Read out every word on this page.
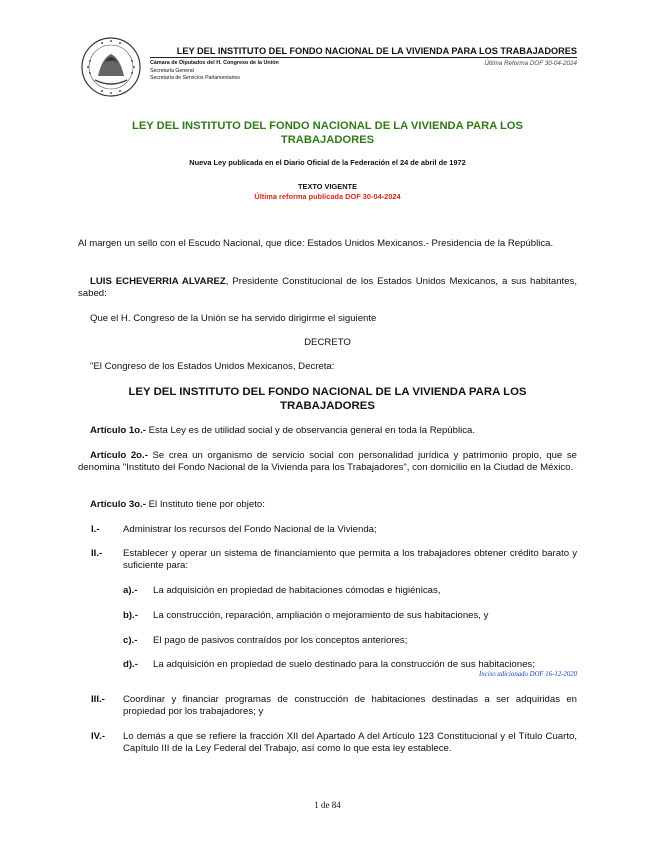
LEY DEL INSTITUTO DEL FONDO NACIONAL DE LA VIVIENDA PARA LOS TRABAJADORES
Cámara de Diputados del H. Congreso de la Unión
Secretaría General
Secretaría de Servicios Parlamentarios
Última Reforma DOF 30-04-2024
LEY DEL INSTITUTO DEL FONDO NACIONAL DE LA VIVIENDA PARA LOS TRABAJADORES
Nueva Ley publicada en el Diario Oficial de la Federación el 24 de abril de 1972
TEXTO VIGENTE
Última reforma publicada DOF 30-04-2024
Al margen un sello con el Escudo Nacional, que dice: Estados Unidos Mexicanos.- Presidencia de la República.
LUIS ECHEVERRIA ALVAREZ, Presidente Constitucional de los Estados Unidos Mexicanos, a sus habitantes, sabed:
Que el H. Congreso de la Unión se ha servido dirigirme el siguiente
DECRETO
"El Congreso de los Estados Unidos Mexicanos, Decreta:
LEY DEL INSTITUTO DEL FONDO NACIONAL DE LA VIVIENDA PARA LOS TRABAJADORES
Artículo 1o.- Esta Ley es de utilidad social y de observancia general en toda la República.
Artículo 2o.- Se crea un organismo de servicio social con personalidad jurídica y patrimonio propio, que se denomina "Instituto del Fondo Nacional de la Vivienda para los Trabajadores", con domicilio en la Ciudad de México.
Artículo 3o.- El Instituto tiene por objeto:
I.- Administrar los recursos del Fondo Nacional de la Vivienda;
II.- Establecer y operar un sistema de financiamiento que permita a los trabajadores obtener crédito barato y suficiente para:
a).- La adquisición en propiedad de habitaciones cómodas e higiénicas,
b).- La construcción, reparación, ampliación o mejoramiento de sus habitaciones, y
c).- El pago de pasivos contraídos por los conceptos anteriores;
d).- La adquisición en propiedad de suelo destinado para la construcción de sus habitaciones;
Inciso adicionado DOF 16-12-2020
III.- Coordinar y financiar programas de construcción de habitaciones destinadas a ser adquiridas en propiedad por los trabajadores; y
IV.- Lo demás a que se refiere la fracción XII del Apartado A del Artículo 123 Constitucional y el Título Cuarto, Capítulo III de la Ley Federal del Trabajo, así como lo que esta ley establece.
1 de 84
